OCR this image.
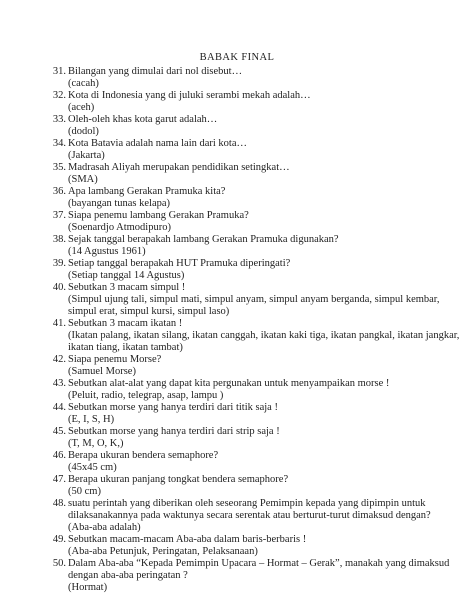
BABAK FINAL
31. Bilangan yang dimulai dari nol disebut…
(cacah)
32. Kota di Indonesia yang di juluki serambi mekah adalah…
(aceh)
33. Oleh-oleh khas kota garut adalah…
(dodol)
34. Kota Batavia adalah nama lain dari kota…
(Jakarta)
35. Madrasah Aliyah merupakan pendidikan setingkat…
(SMA)
36. Apa lambang Gerakan Pramuka kita?
(bayangan tunas kelapa)
37. Siapa penemu lambang Gerakan Pramuka?
(Soenardjo Atmodipuro)
38. Sejak tanggal berapakah lambang Gerakan Pramuka digunakan?
(14 Agustus 1961)
39. Setiap tanggal berapakah HUT Pramuka diperingati?
(Setiap tanggal 14 Agustus)
40. Sebutkan 3 macam simpul !
(Simpul ujung tali, simpul mati, simpul anyam, simpul anyam berganda, simpul kembar,
simpul erat, simpul kursi, simpul laso)
41. Sebutkan 3 macam ikatan !
(Ikatan palang, ikatan silang, ikatan canggah, ikatan kaki tiga, ikatan pangkal, ikatan jangkar,
ikatan tiang, ikatan tambat)
42. Siapa penemu Morse?
(Samuel Morse)
43. Sebutkan alat-alat yang dapat kita pergunakan untuk menyampaikan morse !
(Peluit, radio, telegrap, asap, lampu )
44. Sebutkan morse yang hanya terdiri dari titik saja !
(E, I, S, H)
45. Sebutkan morse yang hanya terdiri dari strip saja !
(T, M, O, K,)
46. Berapa ukuran bendera semaphore?
(45x45 cm)
47. Berapa ukuran panjang tongkat bendera semaphore?
(50 cm)
48. suatu perintah yang diberikan oleh seseorang Pemimpin kepada yang dipimpin untuk
dilaksanakannya pada waktunya secara serentak atau berturut-turut dimaksud dengan?
(Aba-aba adalah)
49. Sebutkan macam-macam Aba-aba dalam baris-berbaris !
(Aba-aba Petunjuk, Peringatan, Pelaksanaan)
50. Dalam Aba-aba “Kepada Pemimpin Upacara – Hormat – Gerak”, manakah yang dimaksud
dengan aba-aba peringatan ?
(Hormat)
